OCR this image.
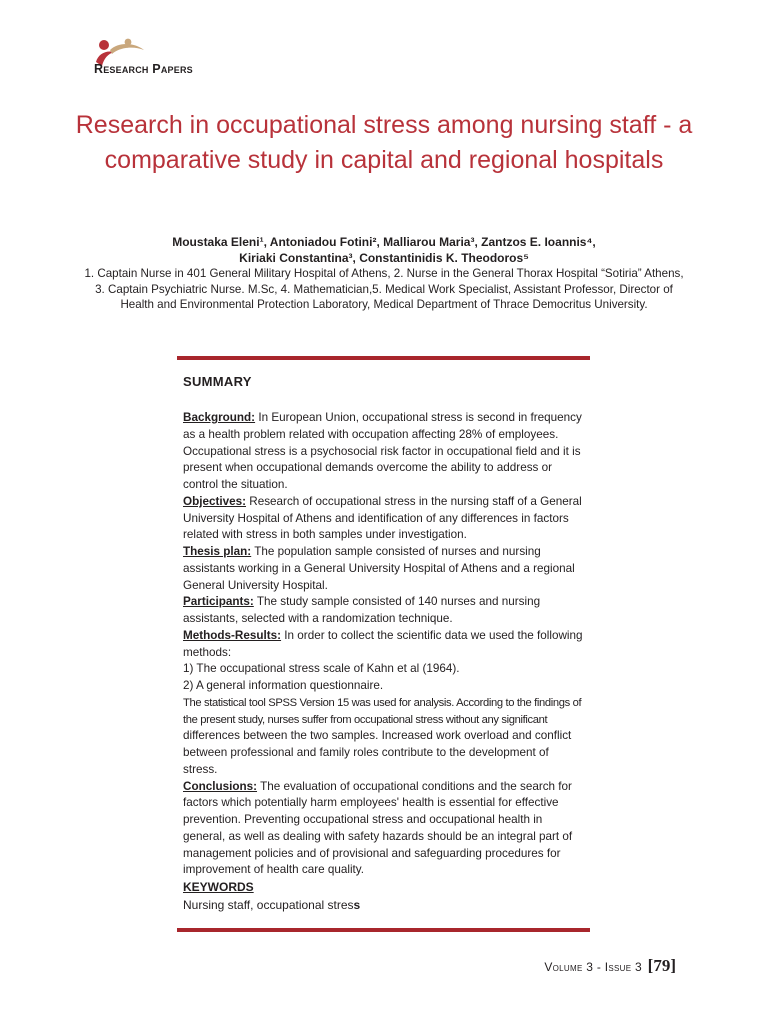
Research Papers
Research in occupational stress among nursing staff - a comparative study in capital and regional hospitals
Moustaka Eleni¹, Antoniadou Fotini², Malliarou Maria³, Zantzos E. Ioannis⁴,
Kiriaki Constantina³, Constantinidis K. Theodoros⁵
1. Captain Nurse in 401 General Military Hospital of Athens, 2. Nurse in the General Thorax Hospital “Sotiria” Athens, 3. Captain Psychiatric Nurse. M.Sc, 4. Mathematician,5. Medical Work Specialist, Assistant Professor, Director of Health and Environmental Protection Laboratory, Medical Department of Thrace Democritus University.
SUMMARY

Background: In European Union, occupational stress is second in frequency as a health problem related with occupation affecting 28% of employees. Occupational stress is a psychosocial risk factor in occupational field and it is present when occupational demands overcome the ability to address or control the situation.

Objectives: Research of occupational stress in the nursing staff of a General University Hospital of Athens and identification of any differences in factors related with stress in both samples under investigation.

Thesis plan: The population sample consisted of nurses and nursing assistants working in a General University Hospital of Athens and a regional General University Hospital.

Participants: The study sample consisted of 140 nurses and nursing assistants, selected with a randomization technique.

Methods-Results: In order to collect the scientific data we used the following methods:

1) The occupational stress scale of Kahn et al (1964).

2) A general information questionnaire.

The statistical tool SPSS Version 15 was used for analysis. According to the findings of the present study, nurses suffer from occupational stress without any significant

differences between the two samples. Increased work overload and conflict between professional and family roles contribute to the development of stress.

Conclusions: The evaluation of occupational conditions and the search for factors which potentially harm employees' health is essential for effective prevention. Preventing occupational stress and occupational health in general, as well as dealing with safety hazards should be an integral part of management policies and of provisional and safeguarding procedures for improvement of health care quality.

KEYWORDS
Nursing staff, occupational stress
Volume 3 - Issue 3 [79]
